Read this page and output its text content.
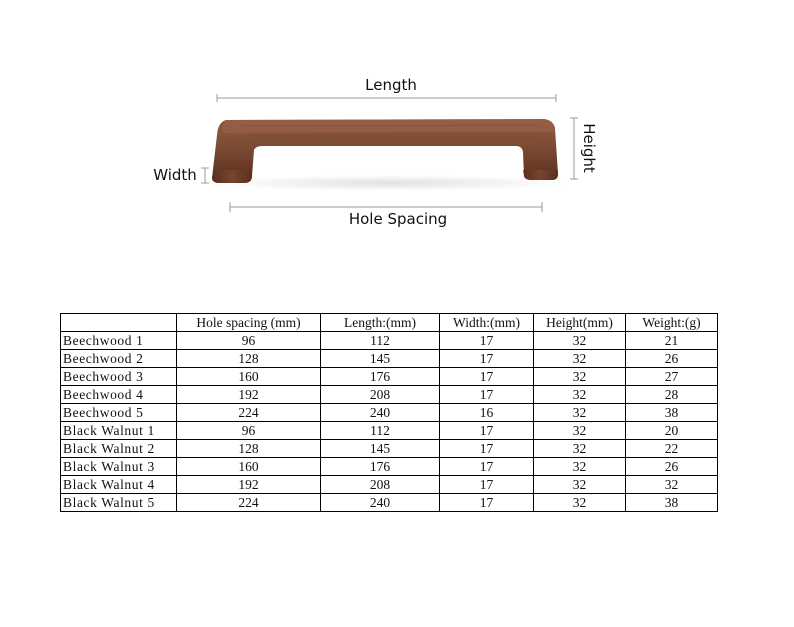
Length
Height
Width
Hole Spacing
	Hole spacing (mm)	Length:(mm)	Width:(mm)	Height(mm)	Weight:(g)
Beechwood 1	96	112	17	32	21
Beechwood 2	128	145	17	32	26
Beechwood 3	160	176	17	32	27
Beechwood 4	192	208	17	32	28
Beechwood 5	224	240	16	32	38
Black Walnut 1	96	112	17	32	20
Black Walnut 2	128	145	17	32	22
Black Walnut 3	160	176	17	32	26
Black Walnut 4	192	208	17	32	32
Black Walnut 5	224	240	17	32	38
